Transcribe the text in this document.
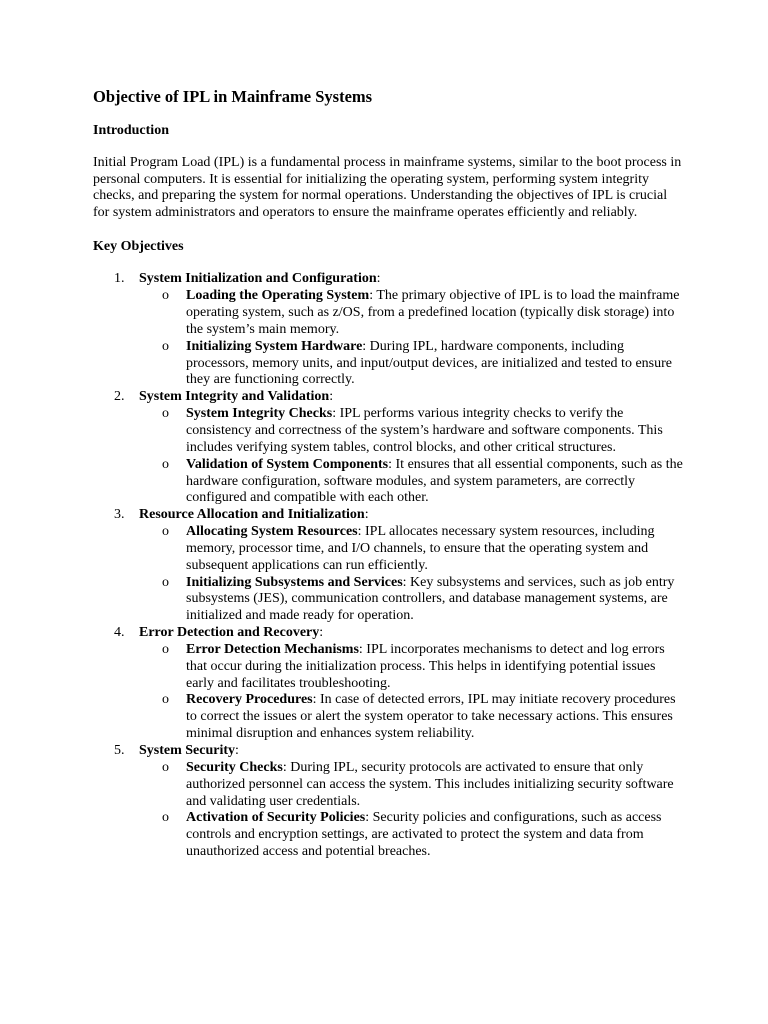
Objective of IPL in Mainframe Systems
Introduction

Initial Program Load (IPL) is a fundamental process in mainframe systems, similar to the boot process in personal computers. It is essential for initializing the operating system, performing system integrity checks, and preparing the system for normal operations. Understanding the objectives of IPL is crucial for system administrators and operators to ensure the mainframe operates efficiently and reliably.

Key Objectives
1. System Initialization and Configuration:
o Loading the Operating System: The primary objective of IPL is to load the mainframe operating system, such as z/OS, from a predefined location (typically disk storage) into the system’s main memory.
o Initializing System Hardware: During IPL, hardware components, including processors, memory units, and input/output devices, are initialized and tested to ensure they are functioning correctly.
2. System Integrity and Validation:
o System Integrity Checks: IPL performs various integrity checks to verify the consistency and correctness of the system’s hardware and software components. This includes verifying system tables, control blocks, and other critical structures.
o Validation of System Components: It ensures that all essential components, such as the hardware configuration, software modules, and system parameters, are correctly configured and compatible with each other.
3. Resource Allocation and Initialization:
o Allocating System Resources: IPL allocates necessary system resources, including memory, processor time, and I/O channels, to ensure that the operating system and subsequent applications can run efficiently.
o Initializing Subsystems and Services: Key subsystems and services, such as job entry subsystems (JES), communication controllers, and database management systems, are initialized and made ready for operation.
4. Error Detection and Recovery:
o Error Detection Mechanisms: IPL incorporates mechanisms to detect and log errors that occur during the initialization process. This helps in identifying potential issues early and facilitates troubleshooting.
o Recovery Procedures: In case of detected errors, IPL may initiate recovery procedures to correct the issues or alert the system operator to take necessary actions. This ensures minimal disruption and enhances system reliability.
5. System Security:
o Security Checks: During IPL, security protocols are activated to ensure that only authorized personnel can access the system. This includes initializing security software and validating user credentials.
o Activation of Security Policies: Security policies and configurations, such as access controls and encryption settings, are activated to protect the system and data from unauthorized access and potential breaches.
